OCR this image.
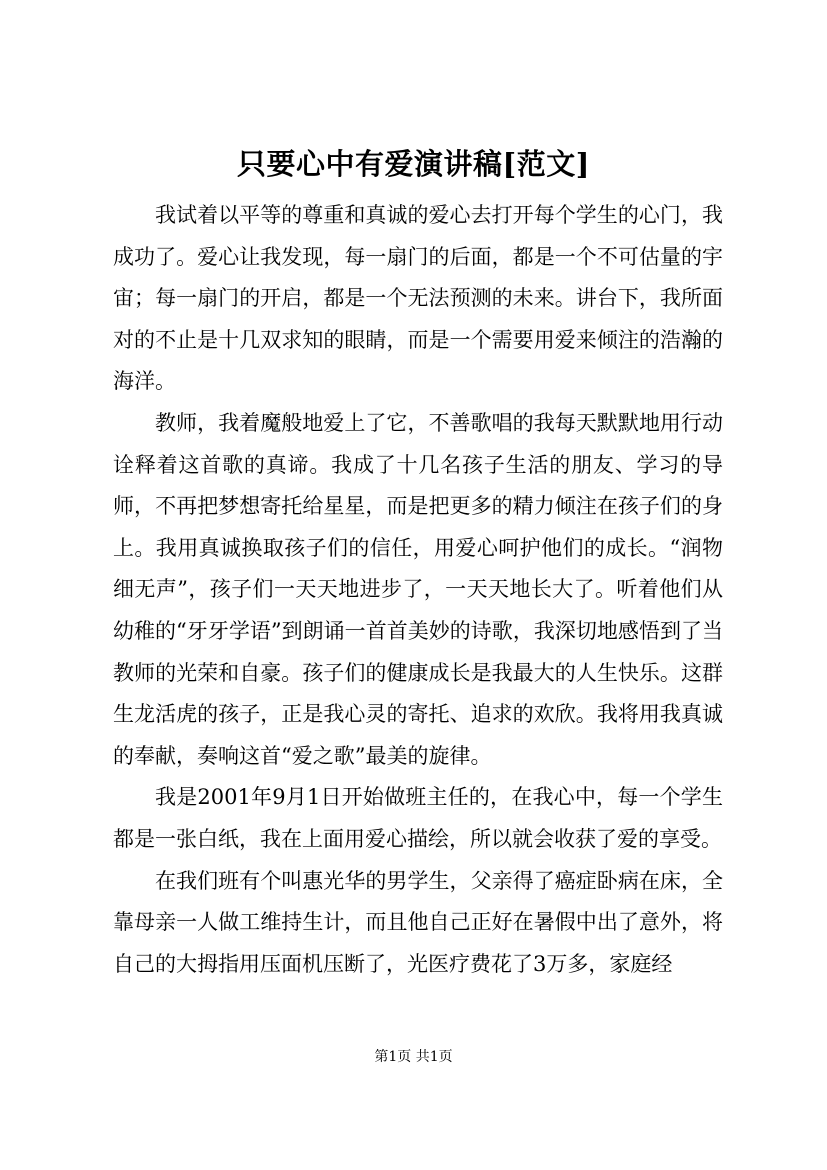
只要心中有爱演讲稿[范文]

我试着以平等的尊重和真诚的爱心去打开每个学生的心门，我成功了。爱心让我发现，每一扇门的后面，都是一个不可估量的宇宙；每一扇门的开启，都是一个无法预测的未来。讲台下，我所面对的不止是十几双求知的眼睛，而是一个需要用爱来倾注的浩瀚的海洋。

教师，我着魔般地爱上了它，不善歌唱的我每天默默地用行动诠释着这首歌的真谛。我成了十几名孩子生活的朋友、学习的导师，不再把梦想寄托给星星，而是把更多的精力倾注在孩子们的身上。我用真诚换取孩子们的信任，用爱心呵护他们的成长。“润物细无声”，孩子们一天天地进步了，一天天地长大了。听着他们从幼稚的“牙牙学语”到朗诵一首首美妙的诗歌，我深切地感悟到了当教师的光荣和自豪。孩子们的健康成长是我最大的人生快乐。这群生龙活虎的孩子，正是我心灵的寄托、追求的欢欣。我将用我真诚的奉献，奏响这首“爱之歌”最美的旋律。

我是2001年9月1日开始做班主任的，在我心中，每一个学生都是一张白纸，我在上面用爱心描绘，所以就会收获了爱的享受。

在我们班有个叫惠光华的男学生，父亲得了癌症卧病在床，全靠母亲一人做工维持生计，而且他自己正好在暑假中出了意外，将自己的大拇指用压面机压断了，光医疗费花了3万多，家庭经

第1页 共1页
